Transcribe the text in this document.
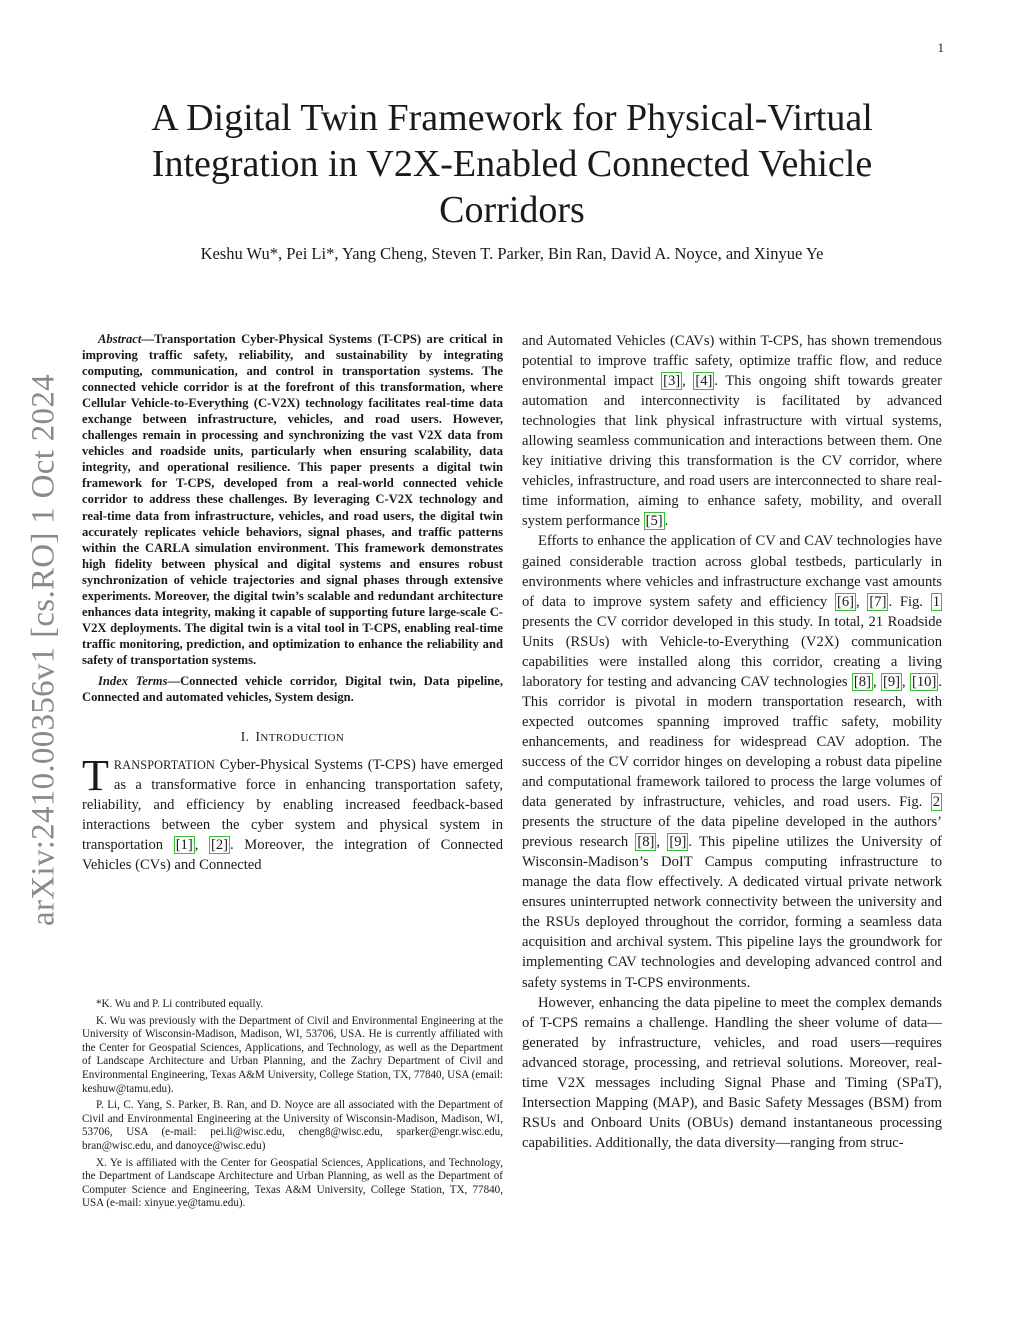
1
arXiv:2410.00356v1 [cs.RO] 1 Oct 2024
A Digital Twin Framework for Physical-Virtual Integration in V2X-Enabled Connected Vehicle Corridors
Keshu Wu*, Pei Li*, Yang Cheng, Steven T. Parker, Bin Ran, David A. Noyce, and Xinyue Ye

Abstract—Transportation Cyber-Physical Systems (T-CPS) are critical in improving traffic safety, reliability, and sustainability by integrating computing, communication, and control in transportation systems. The connected vehicle corridor is at the forefront of this transformation, where Cellular Vehicle-to-Everything (C-V2X) technology facilitates real-time data exchange between infrastructure, vehicles, and road users. However, challenges remain in processing and synchronizing the vast V2X data from vehicles and roadside units, particularly when ensuring scalability, data integrity, and operational resilience. This paper presents a digital twin framework for T-CPS, developed from a real-world connected vehicle corridor to address these challenges. By leveraging C-V2X technology and real-time data from infrastructure, vehicles, and road users, the digital twin accurately replicates vehicle behaviors, signal phases, and traffic patterns within the CARLA simulation environment. This framework demonstrates high fidelity between physical and digital systems and ensures robust synchronization of vehicle trajectories and signal phases through extensive experiments. Moreover, the digital twin’s scalable and redundant architecture enhances data integrity, making it capable of supporting future large-scale C-V2X deployments. The digital twin is a vital tool in T-CPS, enabling real-time traffic monitoring, prediction, and optimization to enhance the reliability and safety of transportation systems.

Index Terms—Connected vehicle corridor, Digital twin, Data pipeline, Connected and automated vehicles, System design.

I. INTRODUCTION

TRANSPORTATION Cyber-Physical Systems (T-CPS) have emerged as a transformative force in enhancing transportation safety, reliability, and efficiency by enabling increased feedback-based interactions between the cyber system and physical system in transportation [1] , [2] . Moreover, the integration of Connected Vehicles (CVs) and Connected

and Automated Vehicles (CAVs) within T-CPS, has shown tremendous potential to improve traffic safety, optimize traffic flow, and reduce environmental impact [3] , [4] . This ongoing shift towards greater automation and interconnectivity is facilitated by advanced technologies that link physical infrastructure with virtual systems, allowing seamless communication and interactions between them. One key initiative driving this transformation is the CV corridor, where vehicles, infrastructure, and road users are interconnected to share real-time information, aiming to enhance safety, mobility, and overall system performance [5] .

Efforts to enhance the application of CV and CAV technologies have gained considerable traction across global testbeds, particularly in environments where vehicles and infrastructure exchange vast amounts of data to improve system safety and efficiency [6] , [7] . Fig. 1 presents the CV corridor developed in this study. In total, 21 Roadside Units (RSUs) with Vehicle-to-Everything (V2X) communication capabilities were installed along this corridor, creating a living laboratory for testing and advancing CAV technologies [8] , [9] , [10] . This corridor is pivotal in modern transportation research, with expected outcomes spanning improved traffic safety, mobility enhancements, and readiness for widespread CAV adoption. The success of the CV corridor hinges on developing a robust data pipeline and computational framework tailored to process the large volumes of data generated by infrastructure, vehicles, and road users. Fig. 2 presents the structure of the data pipeline developed in the authors’ previous research [8] , [9] . This pipeline utilizes the University of Wisconsin-Madison’s DoIT Campus computing infrastructure to manage the data flow effectively. A dedicated virtual private network ensures uninterrupted network connectivity between the university and the RSUs deployed throughout the corridor, forming a seamless data acquisition and archival system. This pipeline lays the groundwork for implementing CAV technologies and developing advanced control and safety systems in T-CPS environments.

However, enhancing the data pipeline to meet the complex demands of T-CPS remains a challenge. Handling the sheer volume of data—generated by infrastructure, vehicles, and road users—requires advanced storage, processing, and retrieval solutions. Moreover, real-time V2X messages including Signal Phase and Timing (SPaT), Intersection Mapping (MAP), and Basic Safety Messages (BSM) from RSUs and Onboard Units (OBUs) demand instantaneous processing capabilities. Additionally, the data diversity—ranging from struc-

*K. Wu and P. Li contributed equally.

K. Wu was previously with the Department of Civil and Environmental Engineering at the University of Wisconsin-Madison, Madison, WI, 53706, USA. He is currently affiliated with the Center for Geospatial Sciences, Applications, and Technology, as well as the Department of Landscape Architecture and Urban Planning, and the Zachry Department of Civil and Environmental Engineering, Texas A&M University, College Station, TX, 77840, USA (email: keshuw@tamu.edu).

P. Li, C. Yang, S. Parker, B. Ran, and D. Noyce are all associated with the Department of Civil and Environmental Engineering at the University of Wisconsin-Madison, Madison, WI, 53706, USA (e-mail: pei.li@wisc.edu, cheng8@wisc.edu, sparker@engr.wisc.edu, bran@wisc.edu, and danoyce@wisc.edu)

X. Ye is affiliated with the Center for Geospatial Sciences, Applications, and Technology, the Department of Landscape Architecture and Urban Planning, as well as the Department of Computer Science and Engineering, Texas A&M University, College Station, TX, 77840, USA (e-mail: xinyue.ye@tamu.edu).
